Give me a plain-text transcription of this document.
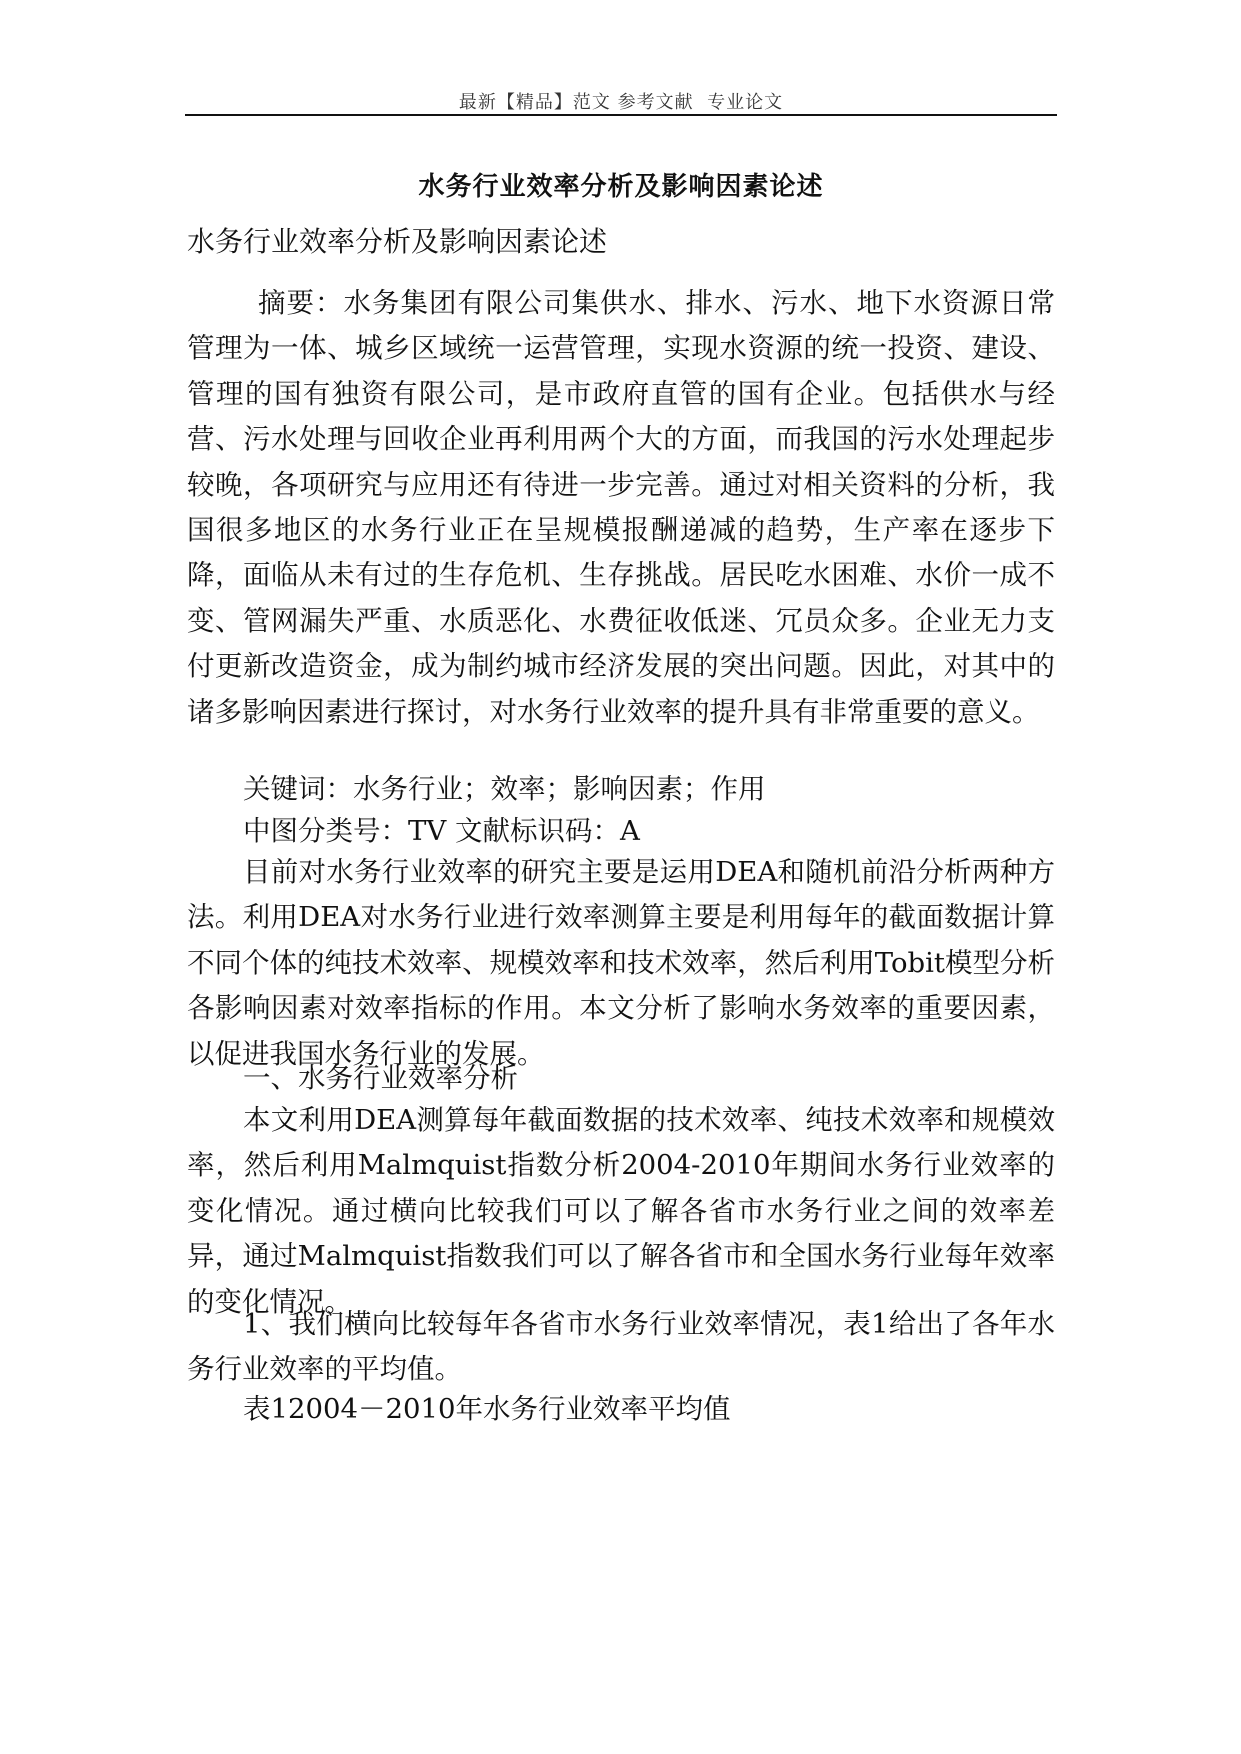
最新【精品】范文 参考文献  专业论文
水务行业效率分析及影响因素论述
水务行业效率分析及影响因素论述
摘要：水务集团有限公司集供水、排水、污水、地下水资源日常管理为一体、城乡区域统一运营管理，实现水资源的统一投资、建设、管理的国有独资有限公司，是市政府直管的国有企业。包括供水与经营、污水处理与回收企业再利用两个大的方面，而我国的污水处理起步较晚，各项研究与应用还有待进一步完善。通过对相关资料的分析，我国很多地区的水务行业正在呈规模报酬递减的趋势，生产率在逐步下降，面临从未有过的生存危机、生存挑战。居民吃水困难、水价一成不变、管网漏失严重、水质恶化、水费征收低迷、冗员众多。企业无力支付更新改造资金，成为制约城市经济发展的突出问题。因此，对其中的诸多影响因素进行探讨，对水务行业效率的提升具有非常重要的意义。
关键词：水务行业；效率；影响因素；作用
中图分类号：TV 文献标识码：A
目前对水务行业效率的研究主要是运用DEA和随机前沿分析两种方法。利用DEA对水务行业进行效率测算主要是利用每年的截面数据计算不同个体的纯技术效率、规模效率和技术效率，然后利用Tobit模型分析各影响因素对效率指标的作用。本文分析了影响水务效率的重要因素，以促进我国水务行业的发展。
一、水务行业效率分析
本文利用DEA测算每年截面数据的技术效率、纯技术效率和规模效率，然后利用Malmquist指数分析2004-2010年期间水务行业效率的变化情况。通过横向比较我们可以了解各省市水务行业之间的效率差异，通过Malmquist指数我们可以了解各省市和全国水务行业每年效率的变化情况。
1、我们横向比较每年各省市水务行业效率情况，表1给出了各年水务行业效率的平均值。
表12004－2010年水务行业效率平均值
